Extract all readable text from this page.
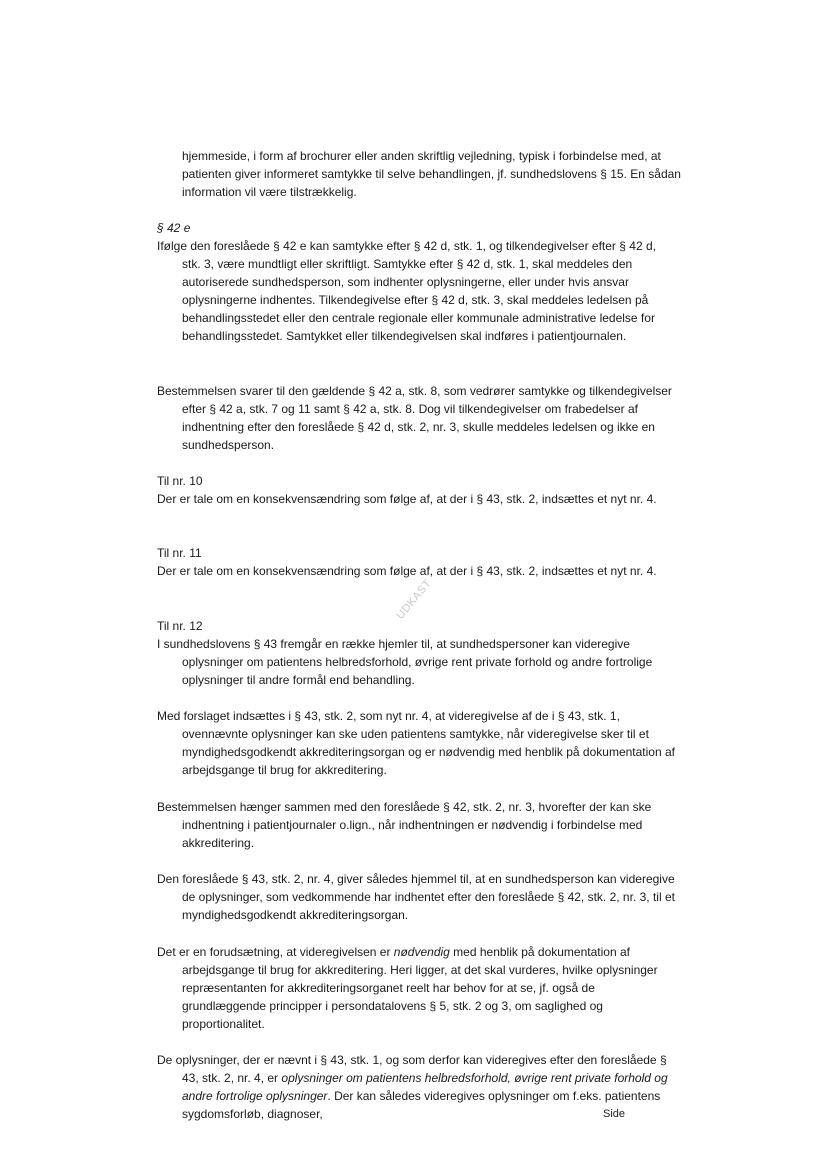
hjemmeside, i form af brochurer eller anden skriftlig vejledning, typisk i forbindelse med, at patienten giver informeret samtykke til selve behandlingen, jf. sundhedslovens § 15. En sådan information vil være tilstrækkelig.

§ 42 e

Ifølge den foreslåede § 42 e kan samtykke efter § 42 d, stk. 1, og tilkendegivelser efter § 42 d, stk. 3, være mundtligt eller skriftligt. Samtykke efter § 42 d, stk. 1, skal meddeles den autoriserede sundhedsperson, som indhenter oplysningerne, eller under hvis ansvar oplysningerne indhentes. Tilkendegivelse efter § 42 d, stk. 3, skal meddeles ledelsen på behandlingsstedet eller den centrale regionale eller kommunale administrative ledelse for behandlingsstedet. Samtykket eller tilkendegivelsen skal indføres i patientjournalen.

Bestemmelsen svarer til den gældende § 42 a, stk. 8, som vedrører samtykke og tilkendegivelser efter § 42 a, stk. 7 og 11 samt § 42 a, stk. 8. Dog vil tilkendegivelser om frabedelser af indhentning efter den foreslåede § 42 d, stk. 2, nr. 3, skulle meddeles ledelsen og ikke en sundhedsperson.

Til nr. 10

Der er tale om en konsekvensændring som følge af, at der i § 43, stk. 2, indsættes et nyt nr. 4.

Til nr. 11

Der er tale om en konsekvensændring som følge af, at der i § 43, stk. 2, indsættes et nyt nr. 4.

Til nr. 12

I sundhedslovens § 43 fremgår en række hjemler til, at sundhedspersoner kan videregive oplysninger om patientens helbredsforhold, øvrige rent private forhold og andre fortrolige oplysninger til andre formål end behandling.

Med forslaget indsættes i § 43, stk. 2, som nyt nr. 4, at videregivelse af de i § 43, stk. 1, ovennævnte oplysninger kan ske uden patientens samtykke, når videregivelse sker til et myndighedsgodkendt akkrediteringsorgan og er nødvendig med henblik på dokumentation af arbejdsgange til brug for akkreditering.

Bestemmelsen hænger sammen med den foreslåede § 42, stk. 2, nr. 3, hvorefter der kan ske indhentning i patientjournaler o.lign., når indhentningen er nødvendig i forbindelse med akkreditering.

Den foreslåede § 43, stk. 2, nr. 4, giver således hjemmel til, at en sundhedsperson kan videregive de oplysninger, som vedkommende har indhentet efter den foreslåede § 42, stk. 2, nr. 3, til et myndighedsgodkendt akkrediteringsorgan.

Det er en forudsætning, at videregivelsen er nødvendig med henblik på dokumentation af arbejdsgange til brug for akkreditering. Heri ligger, at det skal vurderes, hvilke oplysninger repræsentanten for akkrediteringsorganet reelt har behov for at se, jf. også de grundlæggende principper i persondatalovens § 5, stk. 2 og 3, om saglighed og proportionalitet.

De oplysninger, der er nævnt i § 43, stk. 1, og som derfor kan videregives efter den foreslåede § 43, stk. 2, nr. 4, er oplysninger om patientens helbredsforhold, øvrige rent private forhold og andre fortrolige oplysninger. Der kan således videregives oplysninger om f.eks. patientens sygdomsforløb, diagnoser,

UDKAST
Side
